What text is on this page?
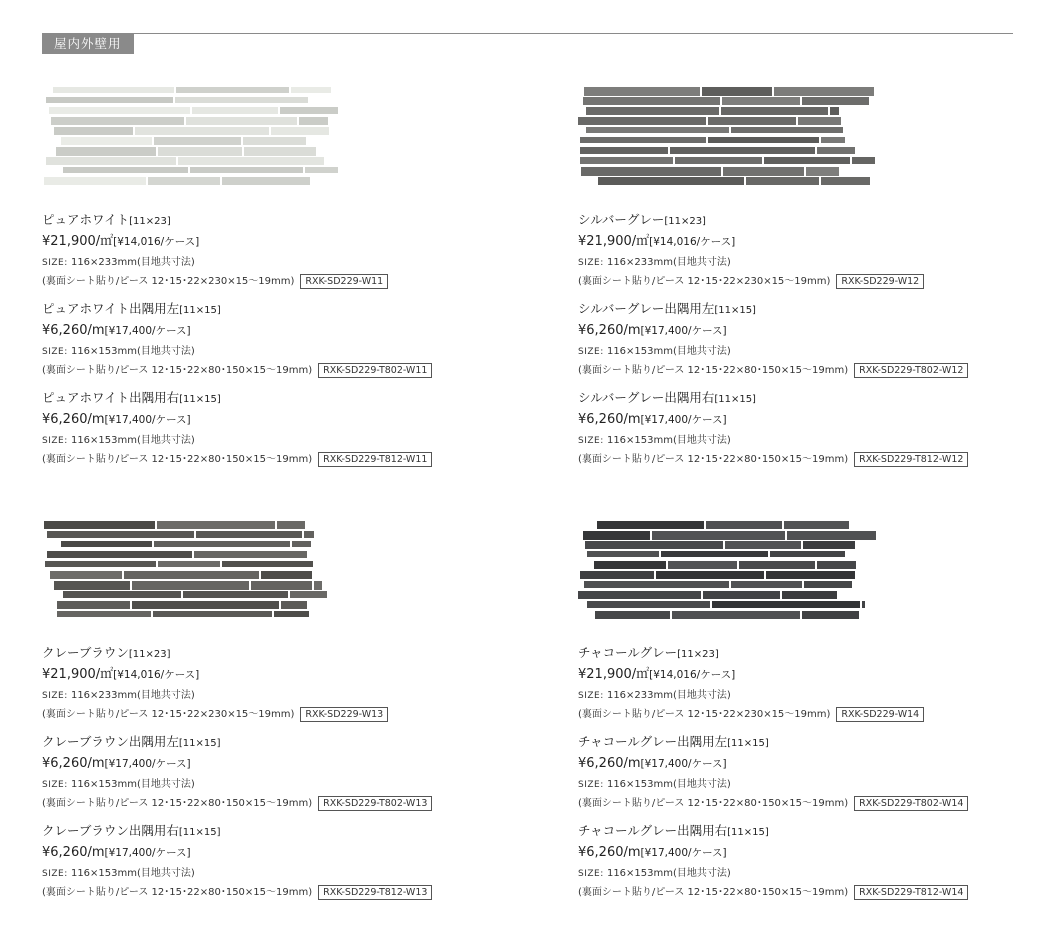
屋内外壁用
ピュアホワイト[11×23]
¥21,900/㎡[¥14,016/ケース]
SIZE: 116×233mm(目地共寸法)
(裏面シート貼り/ピース 12･15･22×230×15～19mm) RXK-SD229-W11
ピュアホワイト出隅用左[11×15]
¥6,260/m[¥17,400/ケース]
SIZE: 116×153mm(目地共寸法)
(裏面シート貼り/ピース 12･15･22×80･150×15～19mm) RXK-SD229-T802-W11
ピュアホワイト出隅用右[11×15]
¥6,260/m[¥17,400/ケース]
SIZE: 116×153mm(目地共寸法)
(裏面シート貼り/ピース 12･15･22×80･150×15～19mm) RXK-SD229-T812-W11
シルバーグレー[11×23]
¥21,900/㎡[¥14,016/ケース]
SIZE: 116×233mm(目地共寸法)
(裏面シート貼り/ピース 12･15･22×230×15～19mm) RXK-SD229-W12
シルバーグレー出隅用左[11×15]
¥6,260/m[¥17,400/ケース]
SIZE: 116×153mm(目地共寸法)
(裏面シート貼り/ピース 12･15･22×80･150×15～19mm) RXK-SD229-T802-W12
シルバーグレー出隅用右[11×15]
¥6,260/m[¥17,400/ケース]
SIZE: 116×153mm(目地共寸法)
(裏面シート貼り/ピース 12･15･22×80･150×15～19mm) RXK-SD229-T812-W12
クレーブラウン[11×23]
¥21,900/㎡[¥14,016/ケース]
SIZE: 116×233mm(目地共寸法)
(裏面シート貼り/ピース 12･15･22×230×15～19mm) RXK-SD229-W13
クレーブラウン出隅用左[11×15]
¥6,260/m[¥17,400/ケース]
SIZE: 116×153mm(目地共寸法)
(裏面シート貼り/ピース 12･15･22×80･150×15～19mm) RXK-SD229-T802-W13
クレーブラウン出隅用右[11×15]
¥6,260/m[¥17,400/ケース]
SIZE: 116×153mm(目地共寸法)
(裏面シート貼り/ピース 12･15･22×80･150×15～19mm) RXK-SD229-T812-W13
チャコールグレー[11×23]
¥21,900/㎡[¥14,016/ケース]
SIZE: 116×233mm(目地共寸法)
(裏面シート貼り/ピース 12･15･22×230×15～19mm) RXK-SD229-W14
チャコールグレー出隅用左[11×15]
¥6,260/m[¥17,400/ケース]
SIZE: 116×153mm(目地共寸法)
(裏面シート貼り/ピース 12･15･22×80･150×15～19mm) RXK-SD229-T802-W14
チャコールグレー出隅用右[11×15]
¥6,260/m[¥17,400/ケース]
SIZE: 116×153mm(目地共寸法)
(裏面シート貼り/ピース 12･15･22×80･150×15～19mm) RXK-SD229-T812-W14
